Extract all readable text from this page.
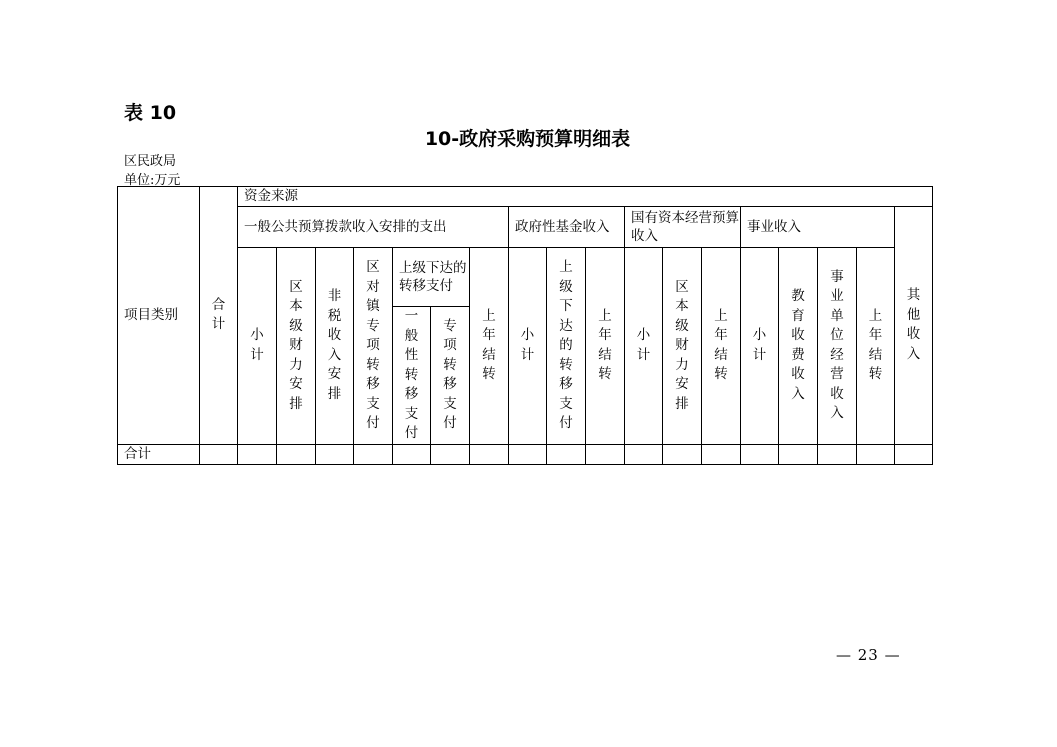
表 10
10-政府采购预算明细表
区民政局
单位:万元
项目类别	合计	资金来源																	
		一般公共预算拨款收入安排的支出							政府性基金收入			国有资本经营预算收入			事业收入				其他收入

		小计	区本级财力安排	非税收入安排	区对镇专项转移支付	上级下达的转移支付		上年结转	小计	上级下达的转移支付	上年结转	小计	区本级财力安排	上年结转	小计	教育收费收入	事业单位经营收入	上年结转	

						一般性转移支付	专项转移支付												

合计																			
— 23 —
